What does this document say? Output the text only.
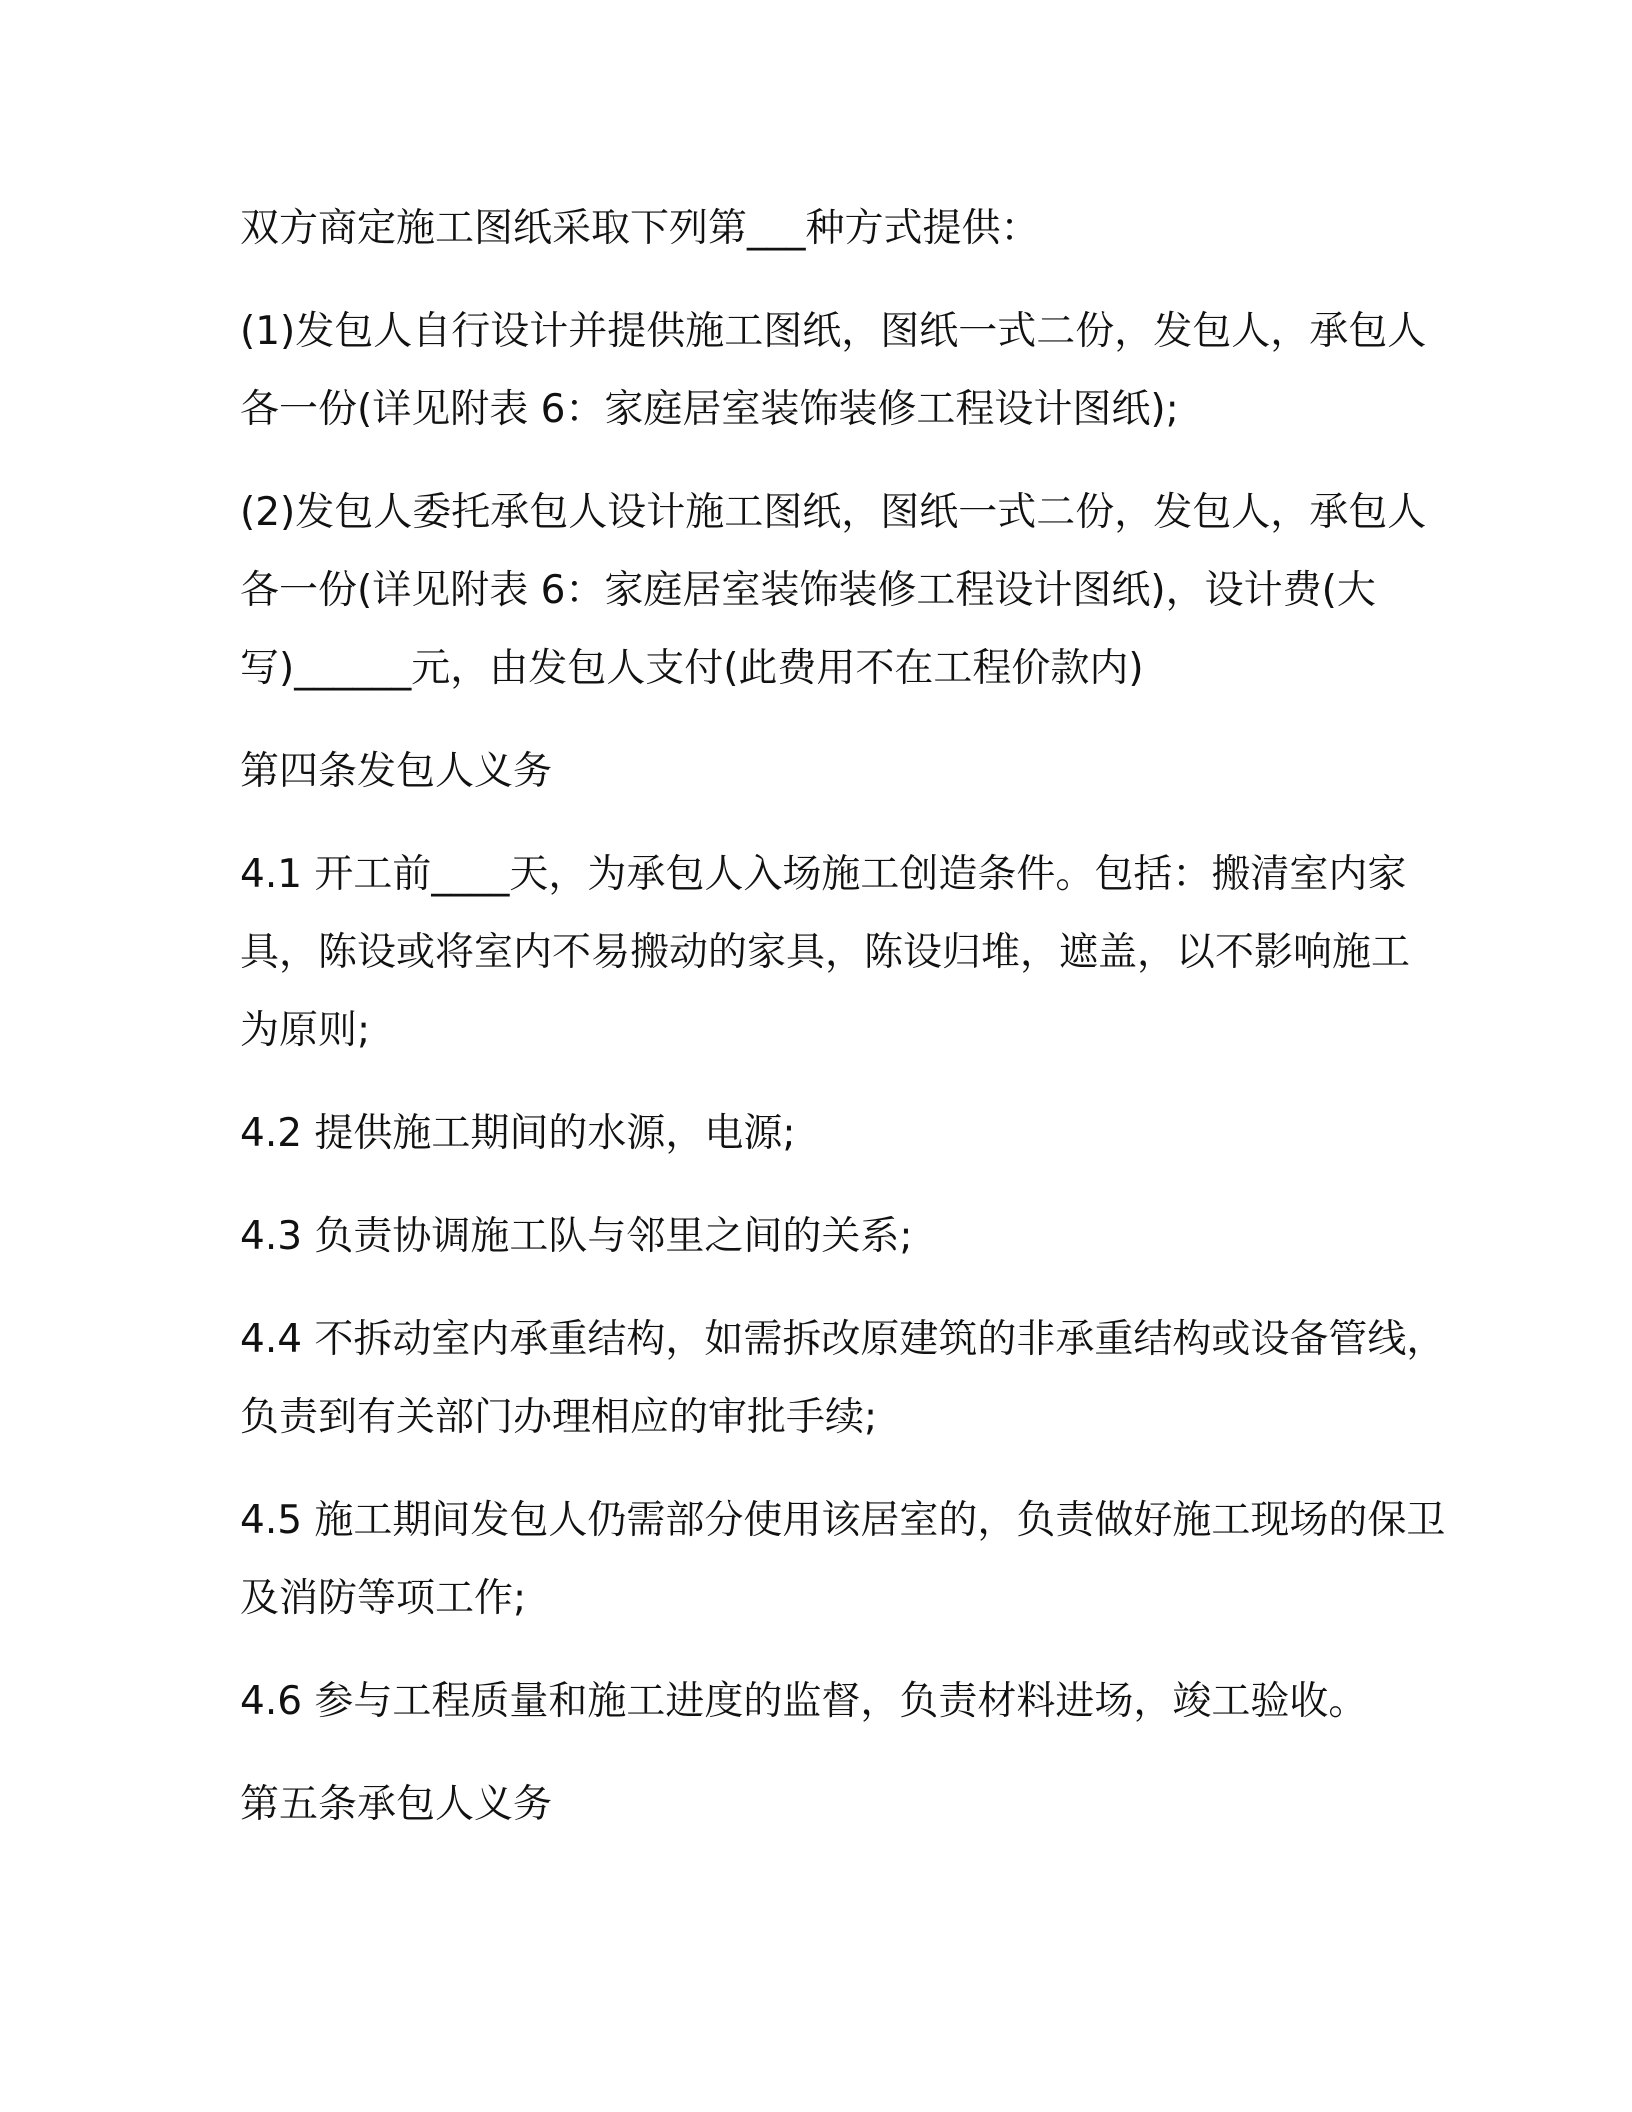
双方商定施工图纸采取下列第___种方式提供：

(1)发包人自行设计并提供施工图纸，图纸一式二份，发包人，承包人
各一份(详见附表 6：家庭居室装饰装修工程设计图纸);

(2)发包人委托承包人设计施工图纸，图纸一式二份，发包人，承包人
各一份(详见附表 6：家庭居室装饰装修工程设计图纸)，设计费(大
写)______元，由发包人支付(此费用不在工程价款内)

第四条发包人义务

4.1 开工前____天，为承包人入场施工创造条件。包括：搬清室内家
具，陈设或将室内不易搬动的家具，陈设归堆，遮盖，以不影响施工
为原则;

4.2 提供施工期间的水源，电源;

4.3 负责协调施工队与邻里之间的关系;

4.4 不拆动室内承重结构，如需拆改原建筑的非承重结构或设备管线，
负责到有关部门办理相应的审批手续;

4.5 施工期间发包人仍需部分使用该居室的，负责做好施工现场的保卫
及消防等项工作;

4.6 参与工程质量和施工进度的监督，负责材料进场，竣工验收。

第五条承包人义务
